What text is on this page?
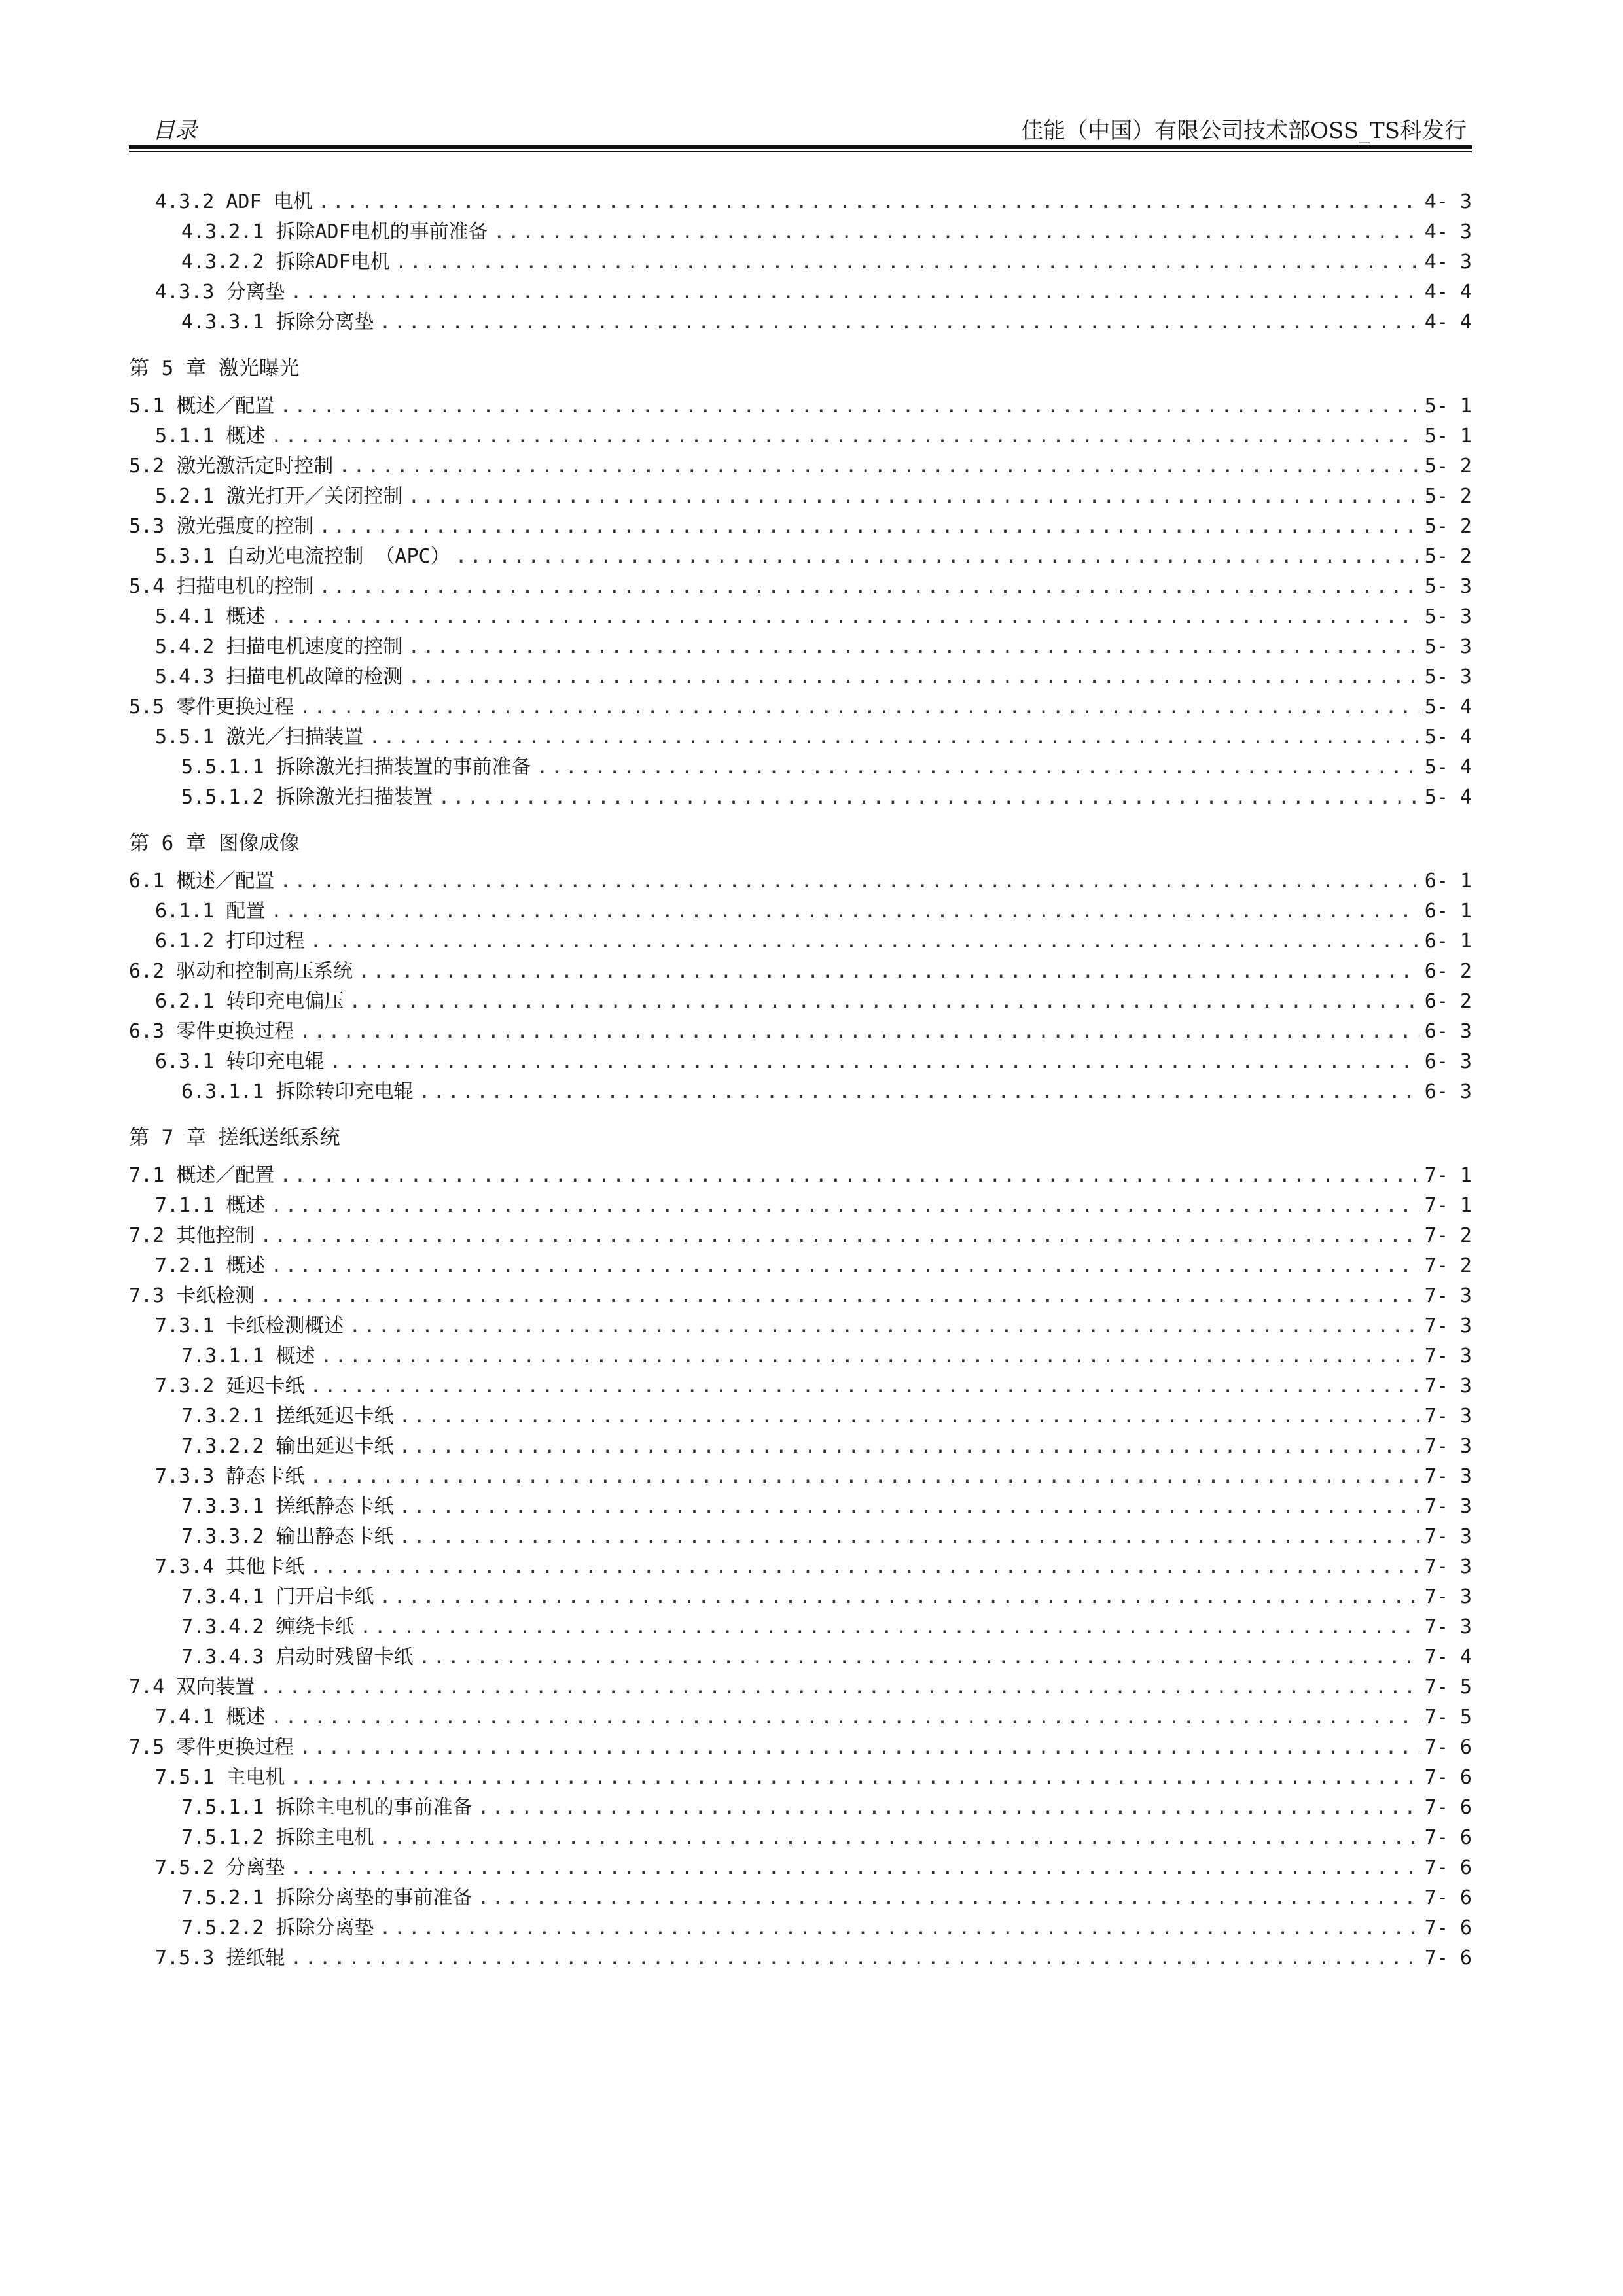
目录	佳能（中国）有限公司技术部OSS_TS科发行
4.3.2 ADF 电机 . . .	4- 3
4.3.2.1 拆除ADF电机的事前准备 . . .	4- 3
4.3.2.2 拆除ADF电机 . . .	4- 3
4.3.3 分离垫 . . .	4- 4
4.3.3.1 拆除分离垫 . . .	4- 4
第 5 章 激光曝光
5.1 概述／配置 . . .	5- 1
5.1.1 概述 . . .	5- 1
5.2 激光激活定时控制 . . .	5- 2
5.2.1 激光打开／关闭控制 . . .	5- 2
5.3 激光强度的控制 . . .	5- 2
5.3.1 自动光电流控制 （APC） . . .	5- 2
5.4 扫描电机的控制 . . .	5- 3
5.4.1 概述 . . .	5- 3
5.4.2 扫描电机速度的控制 . . .	5- 3
5.4.3 扫描电机故障的检测 . . .	5- 3
5.5 零件更换过程 . . .	5- 4
5.5.1 激光／扫描装置 . . .	5- 4
5.5.1.1 拆除激光扫描装置的事前准备 . . .	5- 4
5.5.1.2 拆除激光扫描装置 . . .	5- 4
第 6 章 图像成像
6.1 概述／配置 . . .	6- 1
6.1.1 配置 . . .	6- 1
6.1.2 打印过程 . . .	6- 1
6.2 驱动和控制高压系统 . . .	6- 2
6.2.1 转印充电偏压 . . .	6- 2
6.3 零件更换过程 . . .	6- 3
6.3.1 转印充电辊 . . .	6- 3
6.3.1.1 拆除转印充电辊 . . .	6- 3
第 7 章 搓纸送纸系统
7.1 概述／配置 . . .	7- 1
7.1.1 概述 . . .	7- 1
7.2 其他控制 . . .	7- 2
7.2.1 概述 . . .	7- 2
7.3 卡纸检测 . . .	7- 3
7.3.1 卡纸检测概述 . . .	7- 3
7.3.1.1 概述 . . .	7- 3
7.3.2 延迟卡纸 . . .	7- 3
7.3.2.1 搓纸延迟卡纸 . . .	7- 3
7.3.2.2 输出延迟卡纸 . . .	7- 3
7.3.3 静态卡纸 . . .	7- 3
7.3.3.1 搓纸静态卡纸 . . .	7- 3
7.3.3.2 输出静态卡纸 . . .	7- 3
7.3.4 其他卡纸 . . .	7- 3
7.3.4.1 门开启卡纸 . . .	7- 3
7.3.4.2 缠绕卡纸 . . .	7- 3
7.3.4.3 启动时残留卡纸 . . .	7- 4
7.4 双向装置 . . .	7- 5
7.4.1 概述 . . .	7- 5
7.5 零件更换过程 . . .	7- 6
7.5.1 主电机 . . .	7- 6
7.5.1.1 拆除主电机的事前准备 . . .	7- 6
7.5.1.2 拆除主电机 . . .	7- 6
7.5.2 分离垫 . . .	7- 6
7.5.2.1 拆除分离垫的事前准备 . . .	7- 6
7.5.2.2 拆除分离垫 . . .	7- 6
7.5.3 搓纸辊 . . .	7- 6
